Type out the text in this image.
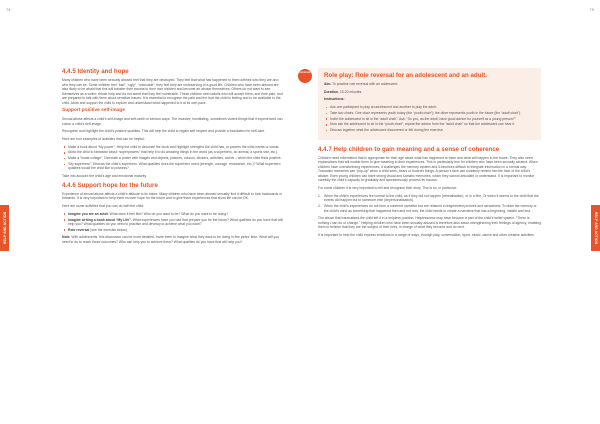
74	75
HELP AND ACTION	HELP AND ACTION
4.4.5 Identity and hope

Many children who have been sexually abused feel that they are destroyed. They feel that what has happened to them defines who they are and who they can be. Some children feel “bad”, “ugly”, “unlovable”; they feel they are undeserving of a good life. Children who have been abused are also likely to be afraid that this will transfer their trauma to their own children and become an abuser themselves. Others do not want to see themselves as a victim; refuse help and do not admit that they feel vulnerable. These children need adults who will accept them, and their pain, and are prepared to talk with them about sensitive issues. It is essential to recognise the pain and the hurt the child is feeling and to be available to the child. Allow and support the child to explore and understand what happened to it at its own pace.

Support positive self-image

Sexual abuse affects a child’s self-image and self-worth in serious ways. The invasive, humiliating, sometimes violent things that it experienced can colour a child’s self-image.

Recognise and highlight the child’s positive qualities. This will help the child to regain self respect and provide a foundation for self-care.

Here are four examples of activities that can be helpful:

Make a book about “My power”. Help the child to decorate the book and highlight strengths the child has, or powers the child needs or wants.
Allow the child to fantasise about “superpowers” that help it to do amazing things in the world (as a superhero, an animal, a sports star, etc.).
Make a “boast collage”. Decorate a poster with images and objects, pictures, colours, stickers, activities, words – which the child finds positive.
“My superhero”. Discuss the child’s superhero. What qualities does the superhero need (strength, courage, endurance, etc.)? What superhero qualities would the child like to possess?

Take into account the child’s age and emotional maturity.

4.4.6 Support hope for the future

Experience of sexual abuse affects a child’s attitude to its future. Many children who have been abused sexually find it difficult to look backwards or forwards. It is very important to help them recover hope for the future and to give them experiences that show life can be OK.

Here are some activities that you can do with the child:

Imagine you are an adult. What does it feel like? Who do you want to be? What do you want to be doing?
Imagine writing a book about “My Life”. What experiences have you had that prepare you for the future? What qualities do you have that will help you? What qualities do you need to practise and develop to achieve what you want?
Role reversal (see the exercise below).

Note. With adolescents, this discussion can be more detailed. Invite them to imagine what they want to be doing in five years’ time. What will you need to do to reach these outcomes? Who can help you to achieve them? What qualities do you have that will help you?

EXERCISE Role play: Role reversal for an adolescent and an adult.

Aim. To practise role reversal with an adolescent.

Duration. 15-20 minutes.

Instructions:

Ask one participant to play an adolescent and another to play the adult.
Take two chairs. One chair represents youth today (the “youth chair”); the other represents youth in the future (the “adult chair”).
Invite the adolescent to sit in the “adult chair”. Ask: “So you, as the adult, have good advice for yourself as a young person?”
Now ask the adolescent to sit in the “youth chair”, repeat the advice from the “adult chair” so that the adolescent can hear it.
Discuss together what the adolescent discovered or felt during the exercise.
4.4.7 Help children to gain meaning and a sense of coherence

Children need information that is appropriate for their age about what has happened to them and what will happen in the future. They also need explanations that will enable them to give meaning to their experiences. This is particularly true for children who have been sexually abused. When children have overwhelming experiences, it challenges the memory system and it becomes difficult to integrate information in a normal way. Traumatic memories can “pop-up” when a child sees, hears or touches things. A person’s face can suddenly remind him the face of the child’s abuser. Even young children can have strong visual and somatic memories, which they cannot articulate or understand. It is important to monitor carefully the child’s capacity to gradually and spontaneously process its trauma.

For some children it is very important to tell and recognise their story. This is so, in particular:

1. When the child’s experiences feel unreal to the child, as if they did not happen (derealisation), or in a film. Or when it seems to the child that the events did happen but to someone else (depersonalisation).
2. When the child’s experiences do not form a coherent narrative but are retained in fragmented pictures and sensations. To draw the memory or the child’s mind as something that happened then and not now, the child needs to create a narrative that has a beginning, middle and end.

The abuse that traumatised the child left it in a helpless position. Helplessness may have become a part of the child’s belief system. “There is nothing I can do or change.” Helping children who have been sexually abused is therefore also about strengthening their feelings of agency, enabling them to believe that they are the subject of their lives, in charge of what they become and do next.

It is important to help the child express emotions in a range of ways, through play, conversation, sport, music, dance and other creative activities.
